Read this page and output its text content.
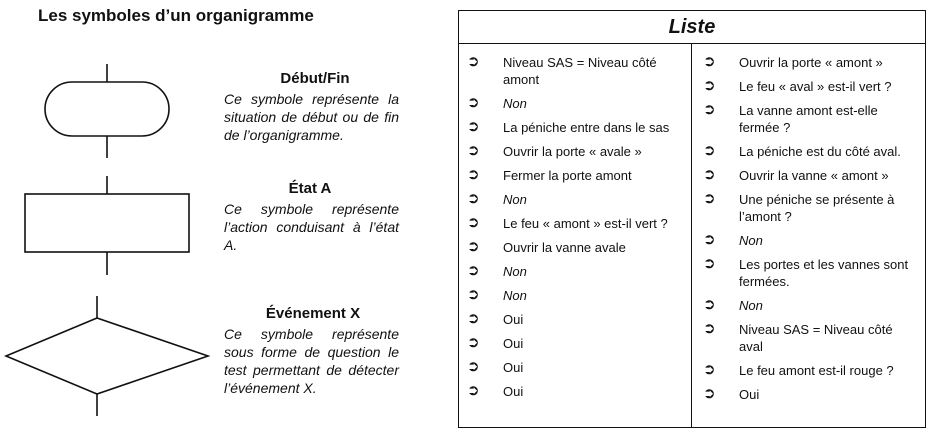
Les symboles d’un organigramme
Début/Fin
Ce symbole représente la situation de début ou de fin de l’organigramme.
État A
Ce symbole représente l’action conduisant à l’état A.
Événement X
Ce symbole représente sous forme de question le test permettant de détecter l’événement X.
Liste
➲	Niveau SAS = Niveau côté amont
➲	Non
➲	La péniche entre dans le sas
➲	Ouvrir la porte « avale »
➲	Fermer la porte amont
➲	Non
➲	Le feu « amont » est-il vert ?
➲	Ouvrir la vanne avale
➲	Non
➲	Non
➲	Oui
➲	Oui
➲	Oui
➲	Oui
➲	Ouvrir la porte « amont »
➲	Le feu « aval » est-il vert ?
➲	La vanne amont est-elle fermée ?
➲	La péniche est du côté aval.
➲	Ouvrir la vanne « amont »
➲	Une péniche se présente à l’amont ?
➲	Non
➲	Les portes et les vannes sont fermées.
➲	Non
➲	Niveau SAS = Niveau côté aval
➲	Le feu amont est-il rouge ?
➲	Oui
